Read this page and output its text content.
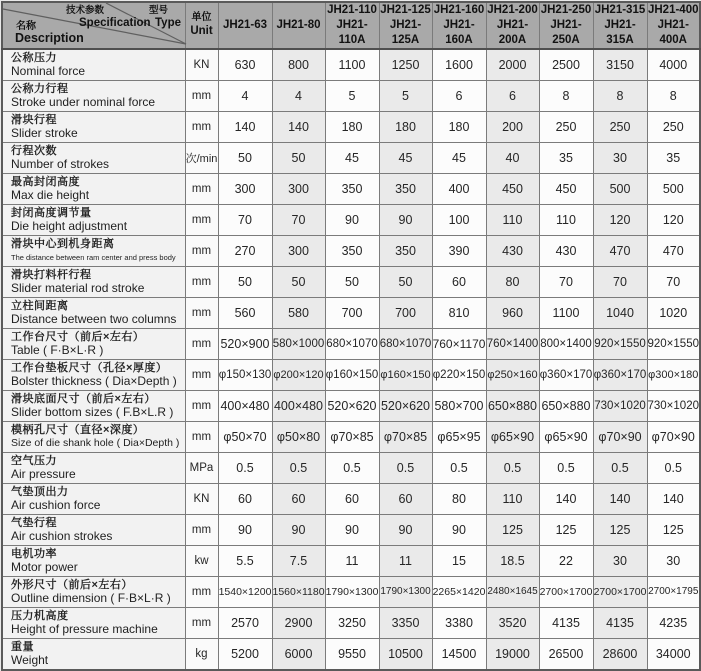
技术参数
Specification
型号
Type
名称
Description

单位
Unit
	JH21-63	JH21-80	JH21-110
JH21-110A	JH21-125
JH21-125A	JH21-160
JH21-160A	JH21-200
JH21-200A	JH21-250
JH21-250A	JH21-315
JH21-315A	JH21-400
JH21-400A

公称压力
Nominal force	KN	630	800	1100	1250	1600	2000	2500	3150	4000

公称力行程
Stroke under nominal force	mm	4	4	5	5	6	6	8	8	8

滑块行程
Slider stroke	mm	140	140	180	180	180	200	250	250	250

行程次数
Number of strokes	次/min	50	50	45	45	45	40	35	30	35

最高封闭高度
Max die height	mm	300	300	350	350	400	450	450	500	500

封闭高度调节量
Die height adjustment	mm	70	70	90	90	100	110	110	120	120

滑块中心到机身距离
The distance between ram center and press body	mm	270	300	350	350	390	430	430	470	470

滑块打料杆行程
Slider material rod stroke	mm	50	50	50	50	60	80	70	70	70

立柱间距离
Distance between two columns	mm	560	580	700	700	810	960	1100	1040	1020

工作台尺寸（前后×左右）
Table ( F·B×L·R )	mm	520×900	580×1000	680×1070	680×1070	760×1170	760×1400	800×1400	920×1550	920×1550

工作台垫板尺寸（孔径×厚度）
Bolster thickness ( Dia×Depth )	mm	φ150×130	φ200×120	φ160×150	φ160×150	φ220×150	φ250×160	φ360×170	φ360×170	φ300×180

滑块底面尺寸（前后×左右）
Slider bottom sizes ( F.B×L.R )	mm	400×480	400×480	520×620	520×620	580×700	650×880	650×880	730×1020	730×1020

模柄孔尺寸（直径×深度）
Size of die shank hole ( Dia×Depth )	mm	φ50×70	φ50×80	φ70×85	φ70×85	φ65×95	φ65×90	φ65×90	φ70×90	φ70×90

空气压力
Air pressure	MPa	0.5	0.5	0.5	0.5	0.5	0.5	0.5	0.5	0.5

气垫顶出力
Air cushion force	KN	60	60	60	60	80	110	140	140	140

气垫行程
Air cushion strokes	mm	90	90	90	90	90	125	125	125	125

电机功率
Motor power	kw	5.5	7.5	11	11	15	18.5	22	30	30

外形尺寸（前后×左右）
Outline dimension ( F·B×L·R )	mm	1540×1200	1560×1180	1790×1300	1790×1300	2265×1420	2480×1645	2700×1700	2700×1700	2700×1795

压力机高度
Height of pressure machine	mm	2570	2900	3250	3350	3380	3520	4135	4135	4235

重量
Weight	kg	5200	6000	9550	10500	14500	19000	26500	28600	34000
